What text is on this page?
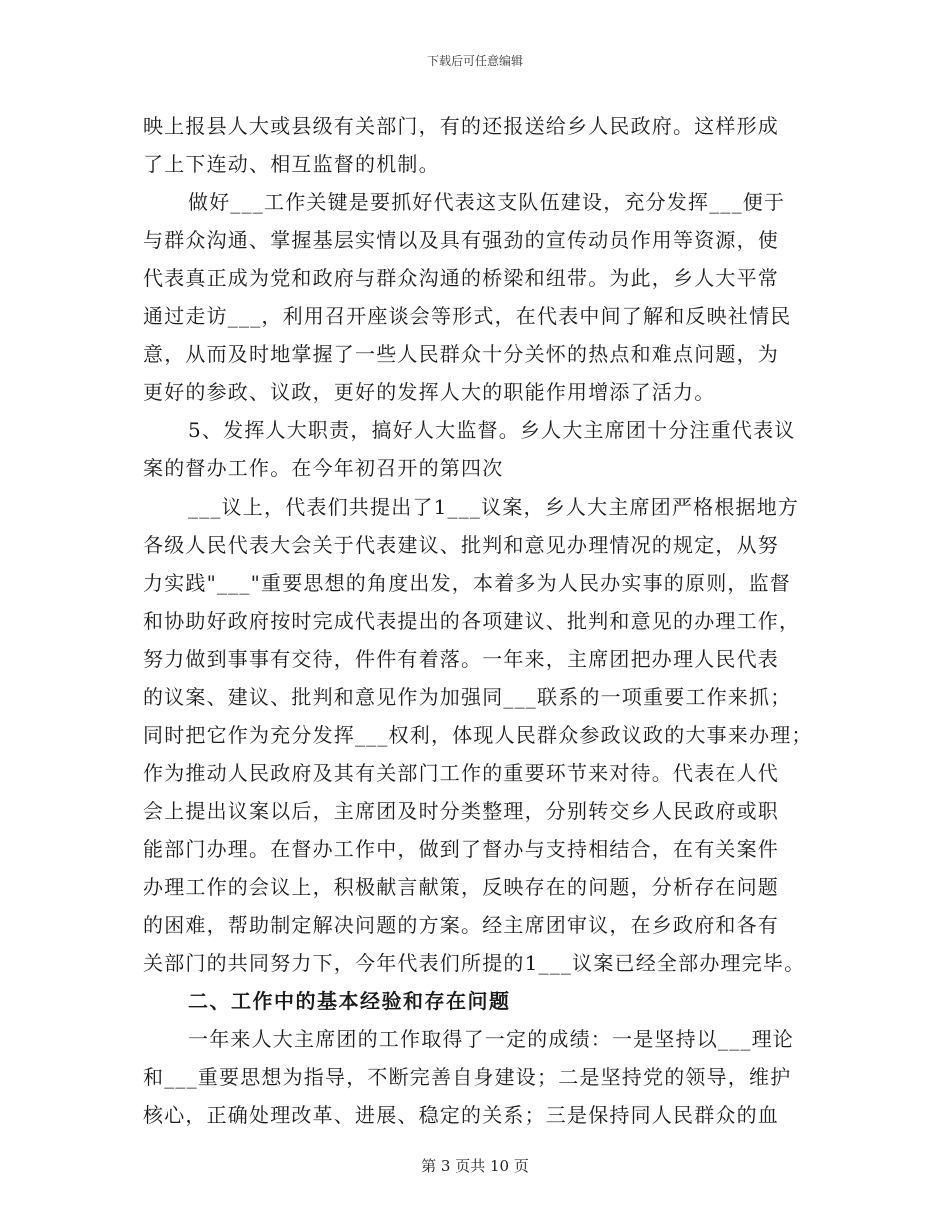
下载后可任意编辑
映上报县人大或县级有关部门，有的还报送给乡人民政府。这样形成
了上下连动、相互监督的机制。
做好___工作关键是要抓好代表这支队伍建设，充分发挥___便于
与群众沟通、掌握基层实情以及具有强劲的宣传动员作用等资源，使
代表真正成为党和政府与群众沟通的桥梁和纽带。为此，乡人大平常
通过走访___，利用召开座谈会等形式，在代表中间了解和反映社情民
意，从而及时地掌握了一些人民群众十分关怀的热点和难点问题，为
更好的参政、议政，更好的发挥人大的职能作用增添了活力。
5、发挥人大职责，搞好人大监督。乡人大主席团十分注重代表议
案的督办工作。在今年初召开的第四次
___议上，代表们共提出了1___议案，乡人大主席团严格根据地方
各级人民代表大会关于代表建议、批判和意见办理情况的规定，从努
力实践"___"重要思想的角度出发，本着多为人民办实事的原则，监督
和协助好政府按时完成代表提出的各项建议、批判和意见的办理工作，
努力做到事事有交待，件件有着落。一年来，主席团把办理人民代表
的议案、建议、批判和意见作为加强同___联系的一项重要工作来抓；
同时把它作为充分发挥___权利，体现人民群众参政议政的大事来办理；
作为推动人民政府及其有关部门工作的重要环节来对待。代表在人代
会上提出议案以后，主席团及时分类整理，分别转交乡人民政府或职
能部门办理。在督办工作中，做到了督办与支持相结合，在有关案件
办理工作的会议上，积极献言献策，反映存在的问题，分析存在问题
的困难，帮助制定解决问题的方案。经主席团审议，在乡政府和各有
关部门的共同努力下，今年代表们所提的1___议案已经全部办理完毕。
二、工作中的基本经验和存在问题
一年来人大主席团的工作取得了一定的成绩：一是坚持以___理论
和___重要思想为指导，不断完善自身建设；二是坚持党的领导，维护
核心，正确处理改革、进展、稳定的关系；三是保持同人民群众的血
第 3 页共 10 页
